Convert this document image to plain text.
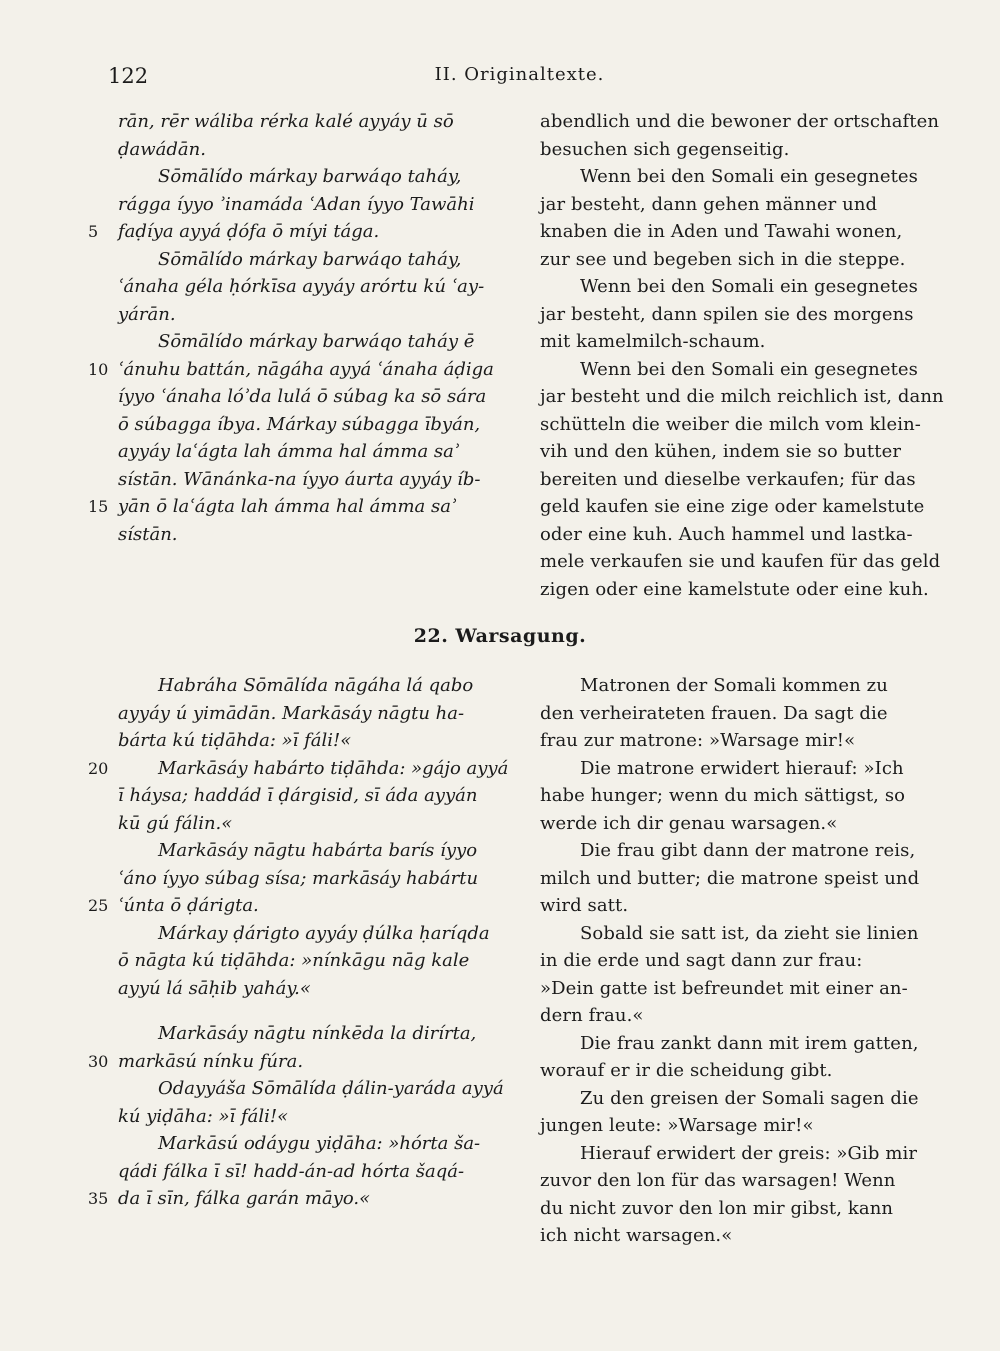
122	II. Originaltexte.
rān, rēr wáliba rérka kalé ayyáy ū sō
ḍawádān.
Sōmālído márkay barwáqo taháy,
rágga íyyo ʾinamáda ʿAdan íyyo Tawāhi
5 faḍíya ayyá ḍófa ō míyi tága.
Sōmālído márkay barwáqo taháy,
ʿánaha géla ḥórkīsa ayyáy arórtu kú ʿay-
yárān.
Sōmālído márkay barwáqo taháy ē
10 ʿánuhu battán, nāgáha ayyá ʿánaha áḍiga
íyyo ʿánaha lóʾda lulá ō súbag ka sō sára
ō súbagga íbya. Márkay súbagga ībyán,
ayyáy laʿágta lah ámma hal ámma saʾ
sístān. Wānánka-na íyyo áurta ayyáy íb-
15 yān ō laʿágta lah ámma hal ámma saʾ
sístān.
abendlich und die bewoner der ortschaften
besuchen sich gegenseitig.
Wenn bei den Somali ein gesegnetes
jar besteht, dann gehen männer und
knaben die in Aden und Tawahi wonen,
zur see und begeben sich in die steppe.
Wenn bei den Somali ein gesegnetes
jar besteht, dann spilen sie des morgens
mit kamelmilch-schaum.
Wenn bei den Somali ein gesegnetes
jar besteht und die milch reichlich ist, dann
schütteln die weiber die milch vom klein-
vih und den kühen, indem sie so butter
bereiten und dieselbe verkaufen; für das
geld kaufen sie eine zige oder kamelstute
oder eine kuh. Auch hammel und lastka-
mele verkaufen sie und kaufen für das geld
zigen oder eine kamelstute oder eine kuh.
22. Warsagung.
Habráha Sōmālída nāgáha lá qabo
ayyáy ú yimādān. Markāsáy nāgtu ha-
bárta kú tiḍāhda: »ī fáli!«
20	Markāsáy habárto tiḍāhda: »gájo ayyá
ī háysa; haddád ī ḍárgisid, sī áda ayyán
kū gú fálin.«
Markāsáy nāgtu habárta barís íyyo
ʿáno íyyo súbag sísa; markāsáy habártu
25 ʿúnta ō ḍárigta.
Márkay ḍárigto ayyáy ḍúlka ḥaríqda
ō nāgta kú tiḍāhda: »nínkāgu nāg kale
ayyú lá sāḥib yaháy.«
Markāsáy nāgtu nínkēda la dirírta,
30 markāsú nínku fúra.
Odayyáša Sōmālída ḍálin-yaráda ayyá
kú yiḍāha: »ī fáli!«
Markāsú odáygu yiḍāha: »hórta ša-
qádi fálka ī sī! hadd-án-ad hórta šaqá-
35 da ī sīn, fálka garán māyo.«
Matronen der Somali kommen zu
den verheirateten frauen. Da sagt die
frau zur matrone: »Warsage mir!«
Die matrone erwidert hierauf: »Ich
habe hunger; wenn du mich sättigst, so
werde ich dir genau warsagen.«
Die frau gibt dann der matrone reis,
milch und butter; die matrone speist und
wird satt.
Sobald sie satt ist, da zieht sie linien
in die erde und sagt dann zur frau:
»Dein gatte ist befreundet mit einer an-
dern frau.«
Die frau zankt dann mit irem gatten,
worauf er ir die scheidung gibt.
Zu den greisen der Somali sagen die
jungen leute: »Warsage mir!«
Hierauf erwidert der greis: »Gib mir
zuvor den lon für das warsagen! Wenn
du nicht zuvor den lon mir gibst, kann
ich nicht warsagen.«
